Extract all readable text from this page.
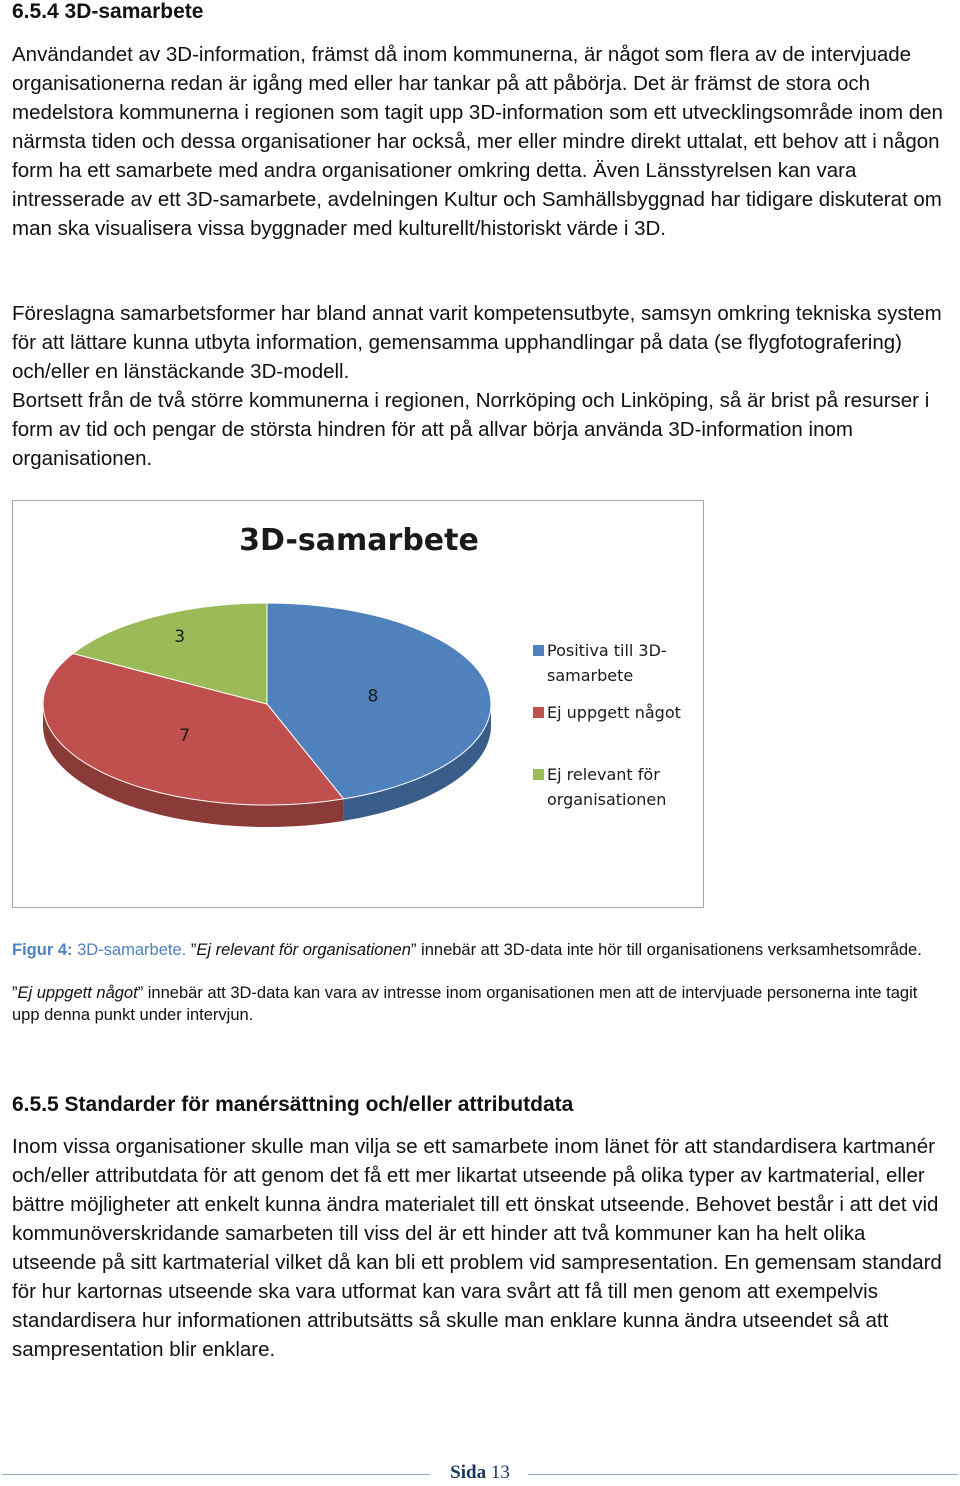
6.5.4 3D-samarbete

Användandet av 3D-information, främst då inom kommunerna, är något som flera av de intervjuade organisationerna redan är igång med eller har tankar på att påbörja. Det är främst de stora och medelstora kommunerna i regionen som tagit upp 3D-information som ett utvecklingsområde inom den närmsta tiden och dessa organisationer har också, mer eller mindre direkt uttalat, ett behov att i någon form ha ett samarbete med andra organisationer omkring detta. Även Länsstyrelsen kan vara intresserade av ett 3D-samarbete, avdelningen Kultur och Samhällsbyggnad har tidigare diskuterat om man ska visualisera vissa byggnader med kulturellt/historiskt värde i 3D.

Föreslagna samarbetsformer har bland annat varit kompetensutbyte, samsyn omkring tekniska system för att lättare kunna utbyta information, gemensamma upphandlingar på data (se flygfotografering) och/eller en länstäckande 3D-modell.

Bortsett från de två större kommunerna i regionen, Norrköping och Linköping, så är brist på resurser i form av tid och pengar de största hindren för att på allvar börja använda 3D-information inom organisationen.

3D-samarbete
8
7
3
Positiva till 3D-
samarbete
Ej uppgett något
Ej relevant för
organisationen
Figur 4: 3D-samarbete. ”Ej relevant för organisationen” innebär att 3D-data inte hör till organisationens verksamhetsområde.
”Ej uppgett något” innebär att 3D-data kan vara av intresse inom organisationen men att de intervjuade personerna inte tagit upp denna punkt under intervjun.
6.5.5 Standarder för manérsättning och/eller attributdata

Inom vissa organisationer skulle man vilja se ett samarbete inom länet för att standardisera kartmanér och/eller attributdata för att genom det få ett mer likartat utseende på olika typer av kartmaterial, eller bättre möjligheter att enkelt kunna ändra materialet till ett önskat utseende. Behovet består i att det vid kommunöverskridande samarbeten till viss del är ett hinder att två kommuner kan ha helt olika utseende på sitt kartmaterial vilket då kan bli ett problem vid sampresentation. En gemensam standard för hur kartornas utseende ska vara utformat kan vara svårt att få till men genom att exempelvis standardisera hur informationen attributsätts så skulle man enklare kunna ändra utseendet så att sampresentation blir enklare.

Sida 13
